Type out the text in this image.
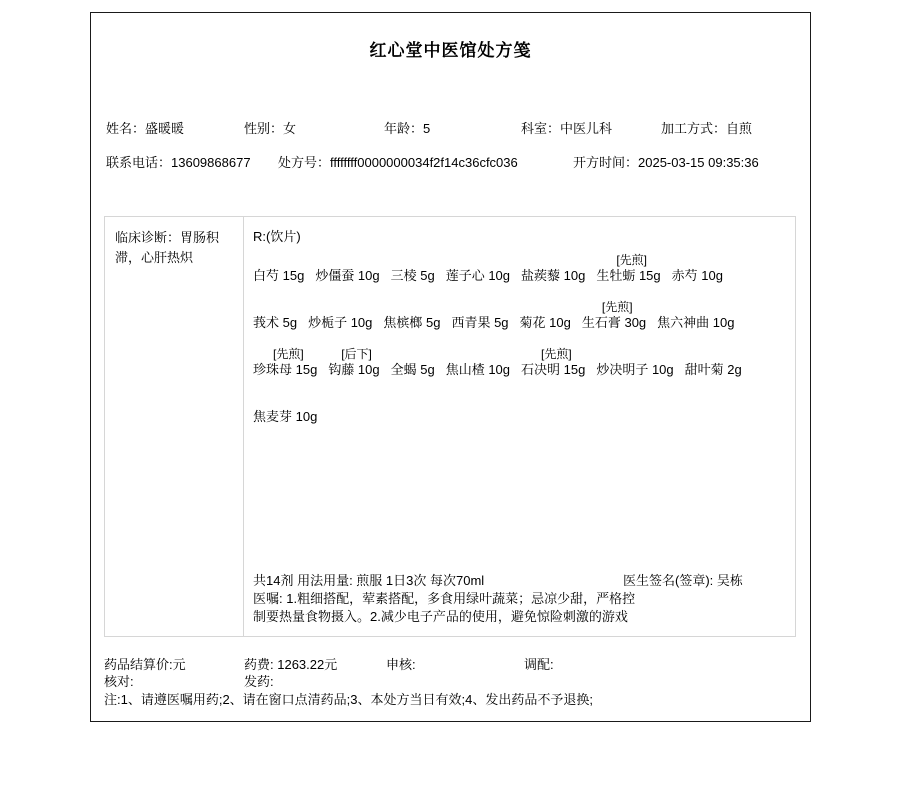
红心堂中医馆处方笺
姓名：盛暖暖	性别：女	年龄：5	科室：中医儿科	加工方式：自煎
联系电话：13609868677 处方号：ffffffff0000000034f2f14c36cfc036	开方时间：2025-03-15 09:35:36
临床诊断：胃肠积滞，心肝热炽
R:(饮片)
白芍 15g 炒僵蚕 10g 三棱 5g 莲子心 10g 盐蒺藜 10g
[先煎]
生牡蛎 15g 赤芍 10g
莪术 5g 炒栀子 10g 焦槟榔 5g 西青果 5g 菊花 10g
[先煎]
生石膏 30g 焦六神曲 10g
[先煎]
珍珠母 15g
[后下]
钩藤 10g 全蝎 5g 焦山楂 10g
[先煎]
石决明 15g 炒决明子 10g 甜叶菊 2g
焦麦芽 10g
共14剂 用法用量: 煎服 1日3次 每次70ml	医生签名(签章): 吴栋
医嘱: 1.粗细搭配，荤素搭配，多食用绿叶蔬菜；忌凉少甜，严格控制要热量食物摄入。2.减少电子产品的使用，避免惊险刺激的游戏
药品结算价:元	药费: 1263.22元	申核:	调配:
核对:	发药:
注:1、请遵医嘱用药;2、请在窗口点清药品;3、本处方当日有效;4、发出药品不予退换;
